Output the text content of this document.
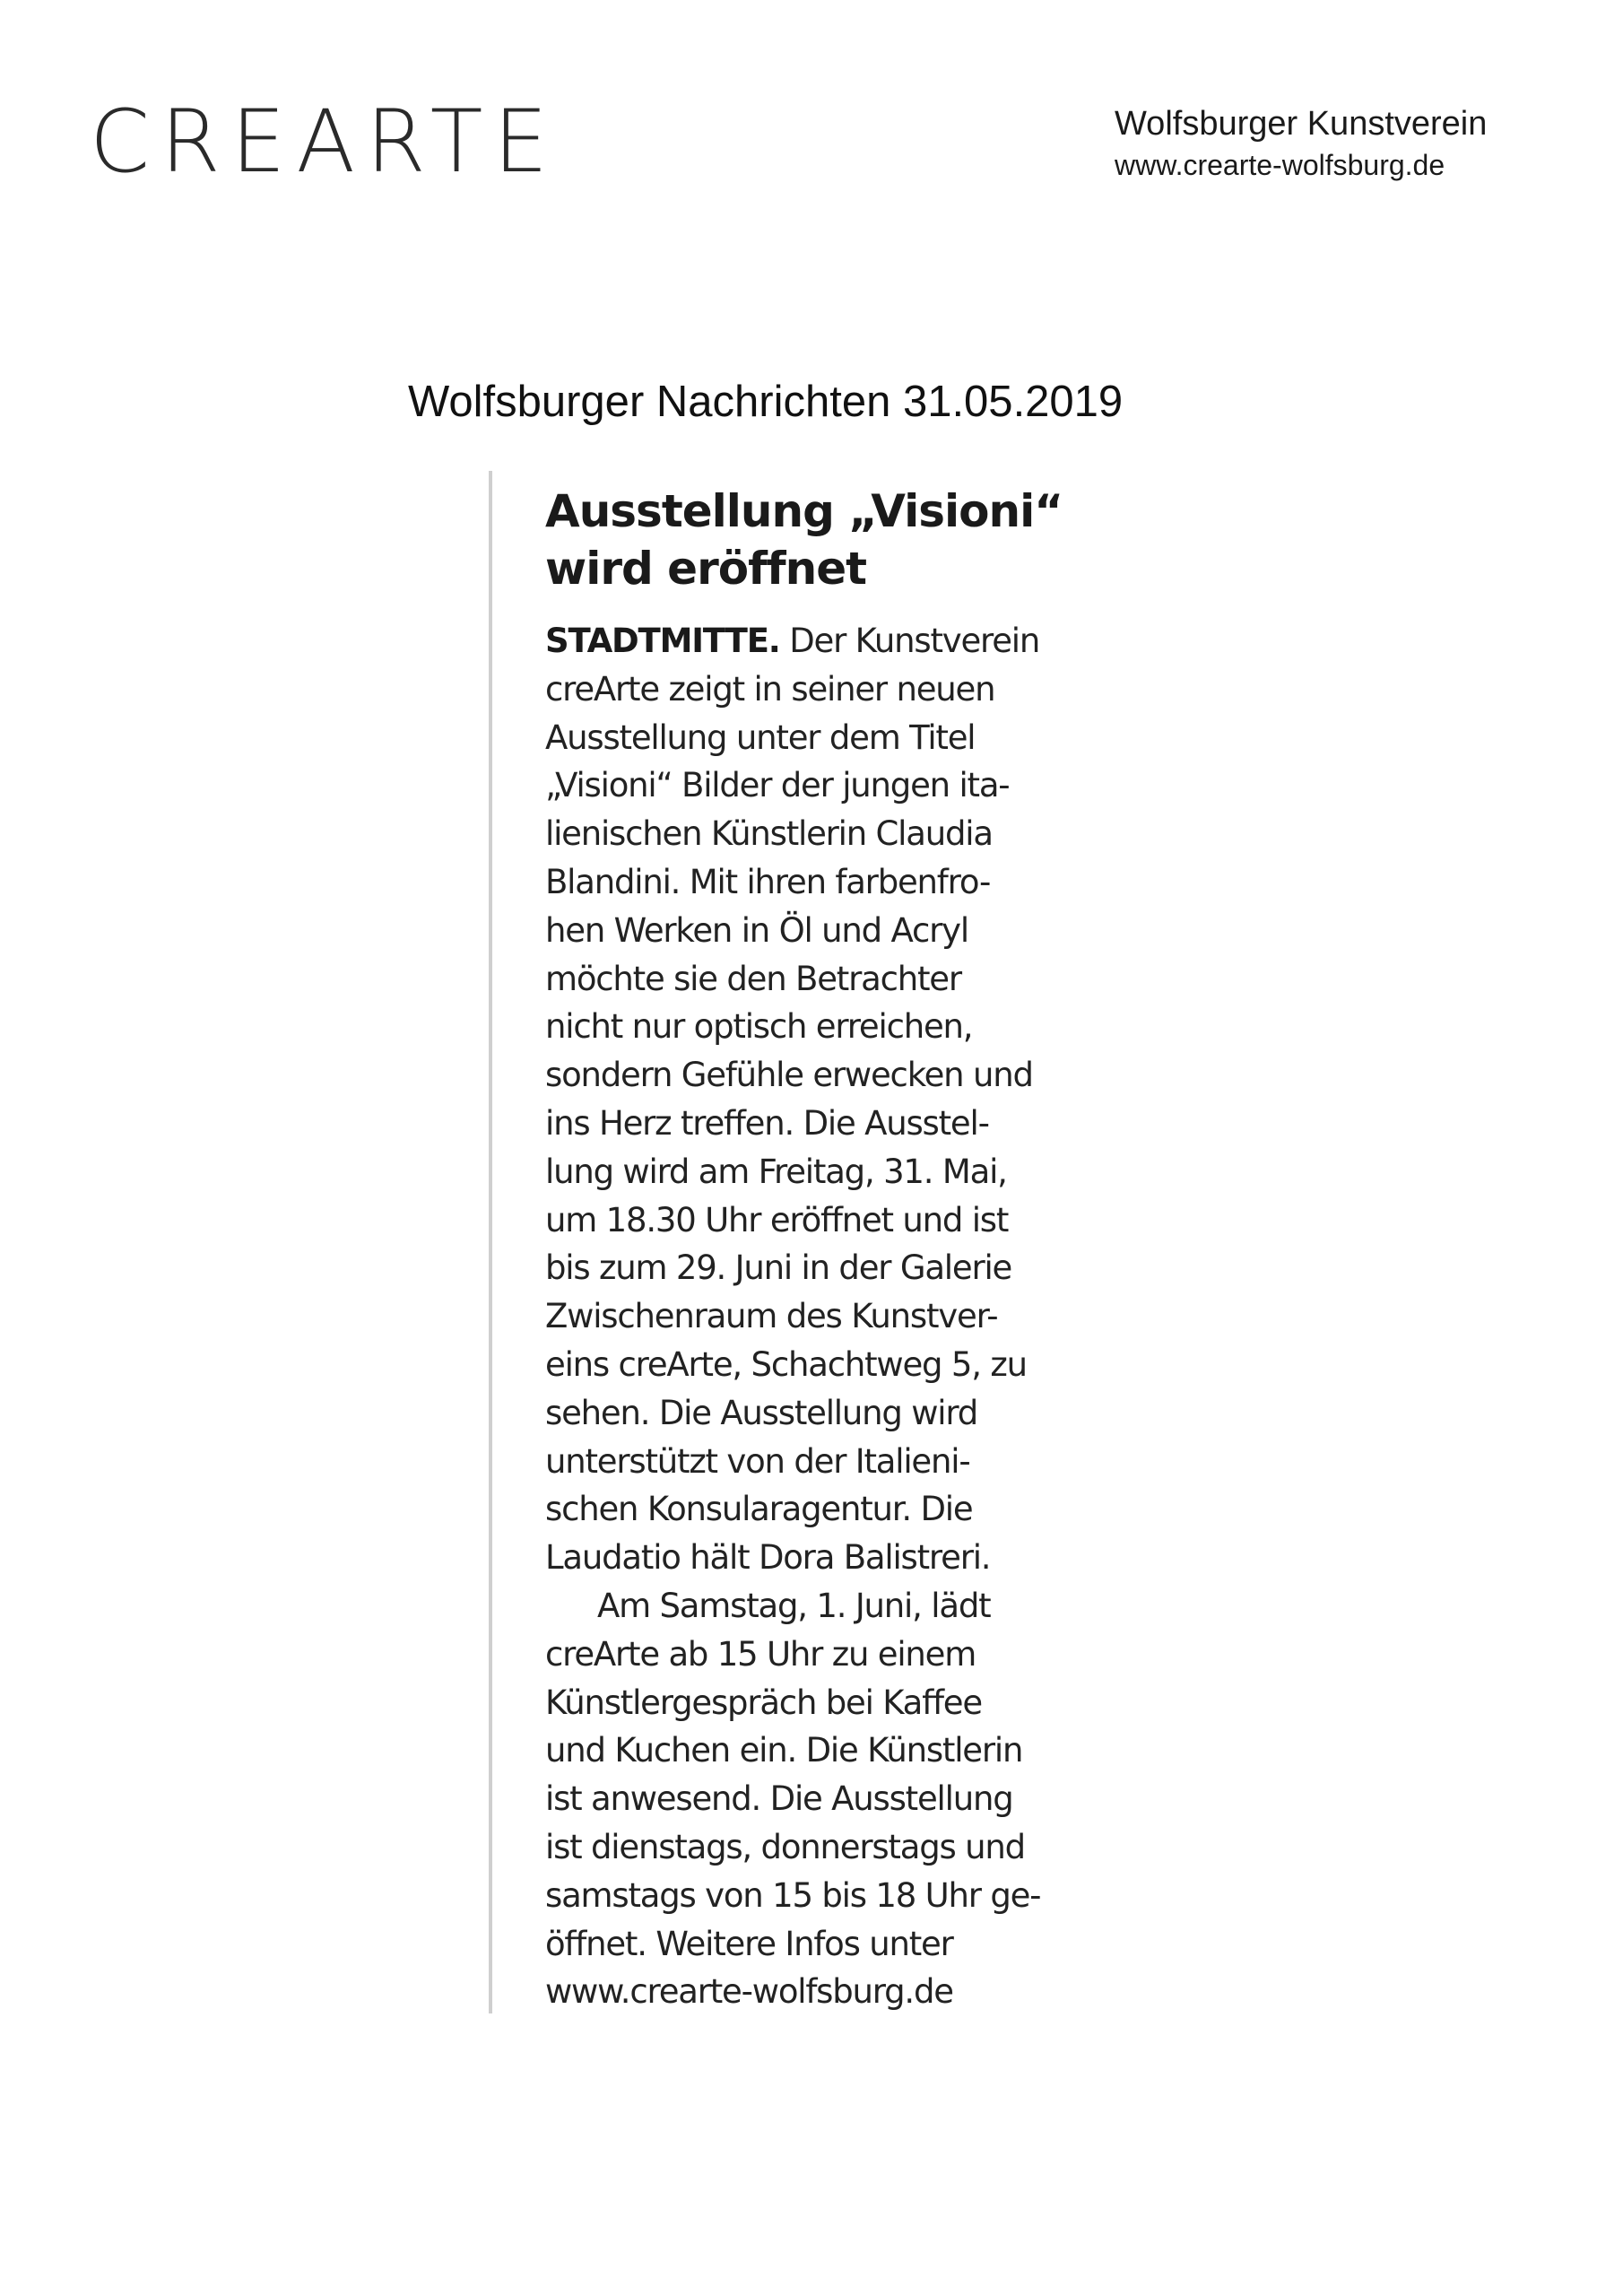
CREARTE	Wolfsburger Kunstverein
www.crearte-wolfsburg.de
Wolfsburger Nachrichten 31.05.2019
Ausstellung „Visioni“
wird eröffnet
STADTMITTE. Der Kunstverein
creArte zeigt in seiner neuen
Ausstellung unter dem Titel
„Visioni“ Bilder der jungen ita-
lienischen Künstlerin Claudia
Blandini. Mit ihren farbenfro-
hen Werken in Öl und Acryl
möchte sie den Betrachter
nicht nur optisch erreichen,
sondern Gefühle erwecken und
ins Herz treffen. Die Ausstel-
lung wird am Freitag, 31. Mai,
um 18.30 Uhr eröffnet und ist
bis zum 29. Juni in der Galerie
Zwischenraum des Kunstver-
eins creArte, Schachtweg 5, zu
sehen. Die Ausstellung wird
unterstützt von der Italieni-
schen Konsularagentur. Die
Laudatio hält Dora Balistreri.
Am Samstag, 1. Juni, lädt
creArte ab 15 Uhr zu einem
Künstlergespräch bei Kaffee
und Kuchen ein. Die Künstlerin
ist anwesend. Die Ausstellung
ist dienstags, donnerstags und
samstags von 15 bis 18 Uhr ge-
öffnet. Weitere Infos unter
www.crearte-wolfsburg.de
